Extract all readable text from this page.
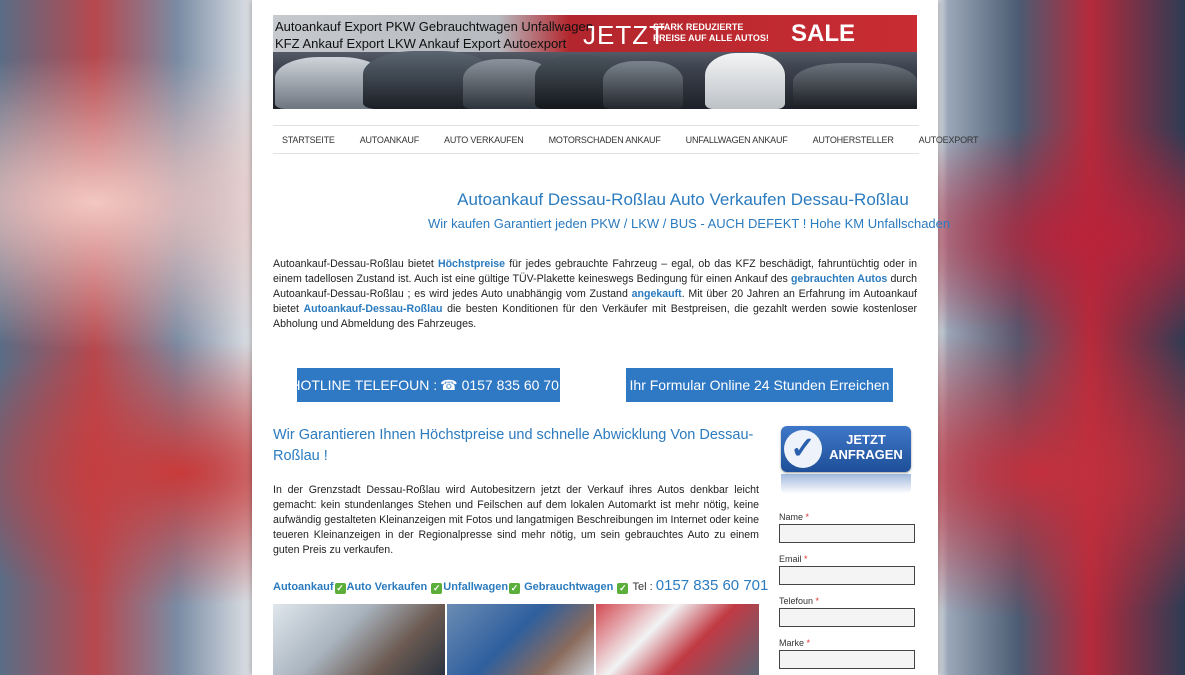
Autoankauf Export PKW Gebrauchtwagen Unfallwagen
KFZ Ankauf Export LKW Ankauf Export Autoexport JETZT
STARK REDUZIERTE
PREISE AUF ALLE AUTOS! SALE
STARTSEITE	AUTOANKAUF	AUTO VERKAUFEN	MOTORSCHADEN ANKAUF	UNFALLWAGEN ANKAUF	AUTOHERSTELLER	AUTOEXPORT
Autoankauf Dessau-Roßlau Auto Verkaufen Dessau-Roßlau
Wir kaufen Garantiert jeden PKW / LKW / BUS - AUCH DEFEKT ! Hohe KM Unfallschaden
Autoankauf-Dessau-Roßlau bietet Höchstpreise für jedes gebrauchte Fahrzeug – egal, ob das KFZ beschädigt, fahruntüchtig oder in einem tadellosen Zustand ist. Auch ist eine gültige TÜV-Plakette keineswegs Bedingung für einen Ankauf des gebrauchten Autos durch Autoankauf-Dessau-Roßlau ; es wird jedes Auto unabhängig vom Zustand angekauft. Mit über 20 Jahren an Erfahrung im Autoankauf bietet Autoankauf-Dessau-Roßlau die besten Konditionen für den Verkäufer mit Bestpreisen, die gezahlt werden sowie kostenloser Abholung und Abmeldung des Fahrzeuges.
HOTLINE TELEFOUN : ☎ 0157 835 60 701	Ihr Formular Online 24 Stunden Erreichen
Wir Garantieren Ihnen Höchstpreise und schnelle Abwicklung Von Dessau-Roßlau !
In der Grenzstadt Dessau-Roßlau wird Autobesitzern jetzt der Verkauf ihres Autos denkbar leicht gemacht: kein stundenlanges Stehen und Feilschen auf dem lokalen Automarkt ist mehr nötig, keine aufwändig gestalteten Kleinanzeigen mit Fotos und langatmigen Beschreibungen im Internet oder keine teueren Kleinanzeigen in der Regionalpresse sind mehr nötig, um sein gebrauchtes Auto zu einem guten Preis zu verkaufen.
Autoankauf ✓ Auto Verkaufen ✓ Unfallwagen ✓ Gebrauchtwagen ✓ Tel : 0157 835 60 701
✓	JETZT
ANFRAGEN
Name *
Email *
Telefoun *
Marke *
